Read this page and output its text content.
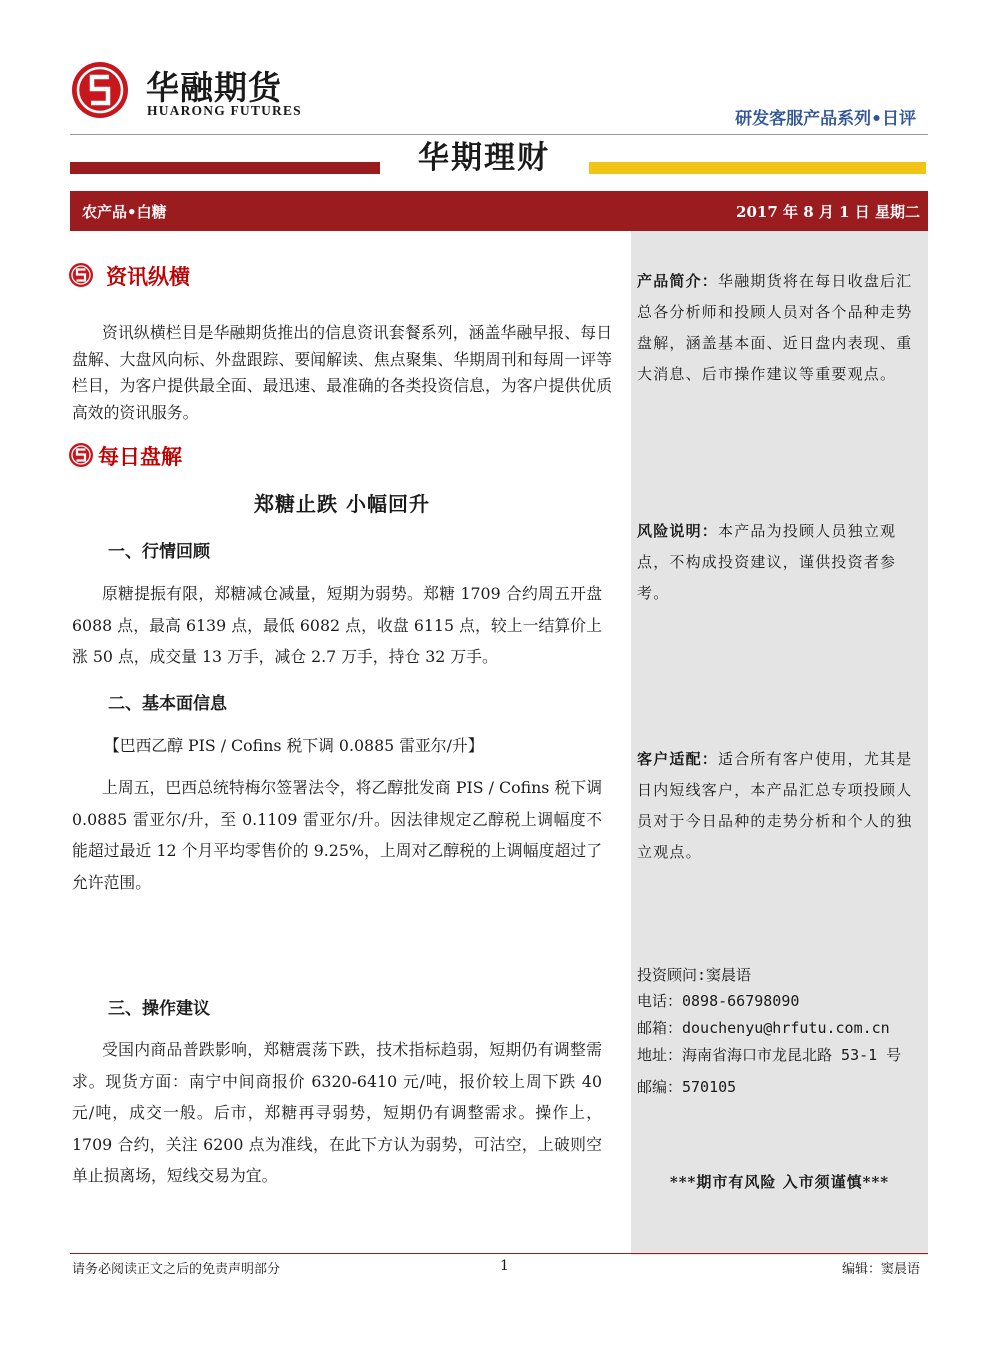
华融期货
HUARONG FUTURES	研发客服产品系列•日评
华期理财
农产品•白糖	2017 年 8 月 1 日 星期二
产品简介：华融期货将在每日收盘后汇总各分析师和投顾人员对各个品种走势盘解，涵盖基本面、近日盘内表现、重大消息、后市操作建议等重要观点。
风险说明：本产品为投顾人员独立观点，不构成投资建议，谨供投资者参考。
客户适配：适合所有客户使用，尤其是日内短线客户，本产品汇总专项投顾人员对于今日品种的走势分析和个人的独立观点。
投资顾问:窦晨语
电话：0898-66798090
邮箱：douchenyu@hrfutu.com.cn
地址：海南省海口市龙昆北路 53-1 号
邮编：570105
***期市有风险 入市须谨慎***
资讯纵横
资讯纵横栏目是华融期货推出的信息资讯套餐系列，涵盖华融早报、每日盘解、大盘风向标、外盘跟踪、要闻解读、焦点聚集、华期周刊和每周一评等栏目，为客户提供最全面、最迅速、最准确的各类投资信息，为客户提供优质高效的资讯服务。
每日盘解
郑糖止跌 小幅回升
一、行情回顾
原糖提振有限，郑糖减仓减量，短期为弱势。郑糖 1709 合约周五开盘 6088 点，最高 6139 点，最低 6082 点，收盘 6115 点，较上一结算价上涨 50 点，成交量 13 万手，减仓 2.7 万手，持仓 32 万手。
二、基本面信息
【巴西乙醇 PIS / Cofins 税下调 0.0885 雷亚尔/升】
上周五，巴西总统特梅尔签署法令，将乙醇批发商 PIS / Cofins 税下调 0.0885 雷亚尔/升，至 0.1109 雷亚尔/升。因法律规定乙醇税上调幅度不能超过最近 12 个月平均零售价的 9.25%，上周对乙醇税的上调幅度超过了允许范围。
三、操作建议
受国内商品普跌影响，郑糖震荡下跌，技术指标趋弱，短期仍有调整需求。现货方面：南宁中间商报价 6320-6410 元/吨，报价较上周下跌 40 元/吨，成交一般。后市，郑糖再寻弱势，短期仍有调整需求。操作上，1709 合约，关注 6200 点为准线，在此下方认为弱势，可沽空，上破则空单止损离场，短线交易为宜。
请务必阅读正文之后的免责声明部分	1	编辑：窦晨语
